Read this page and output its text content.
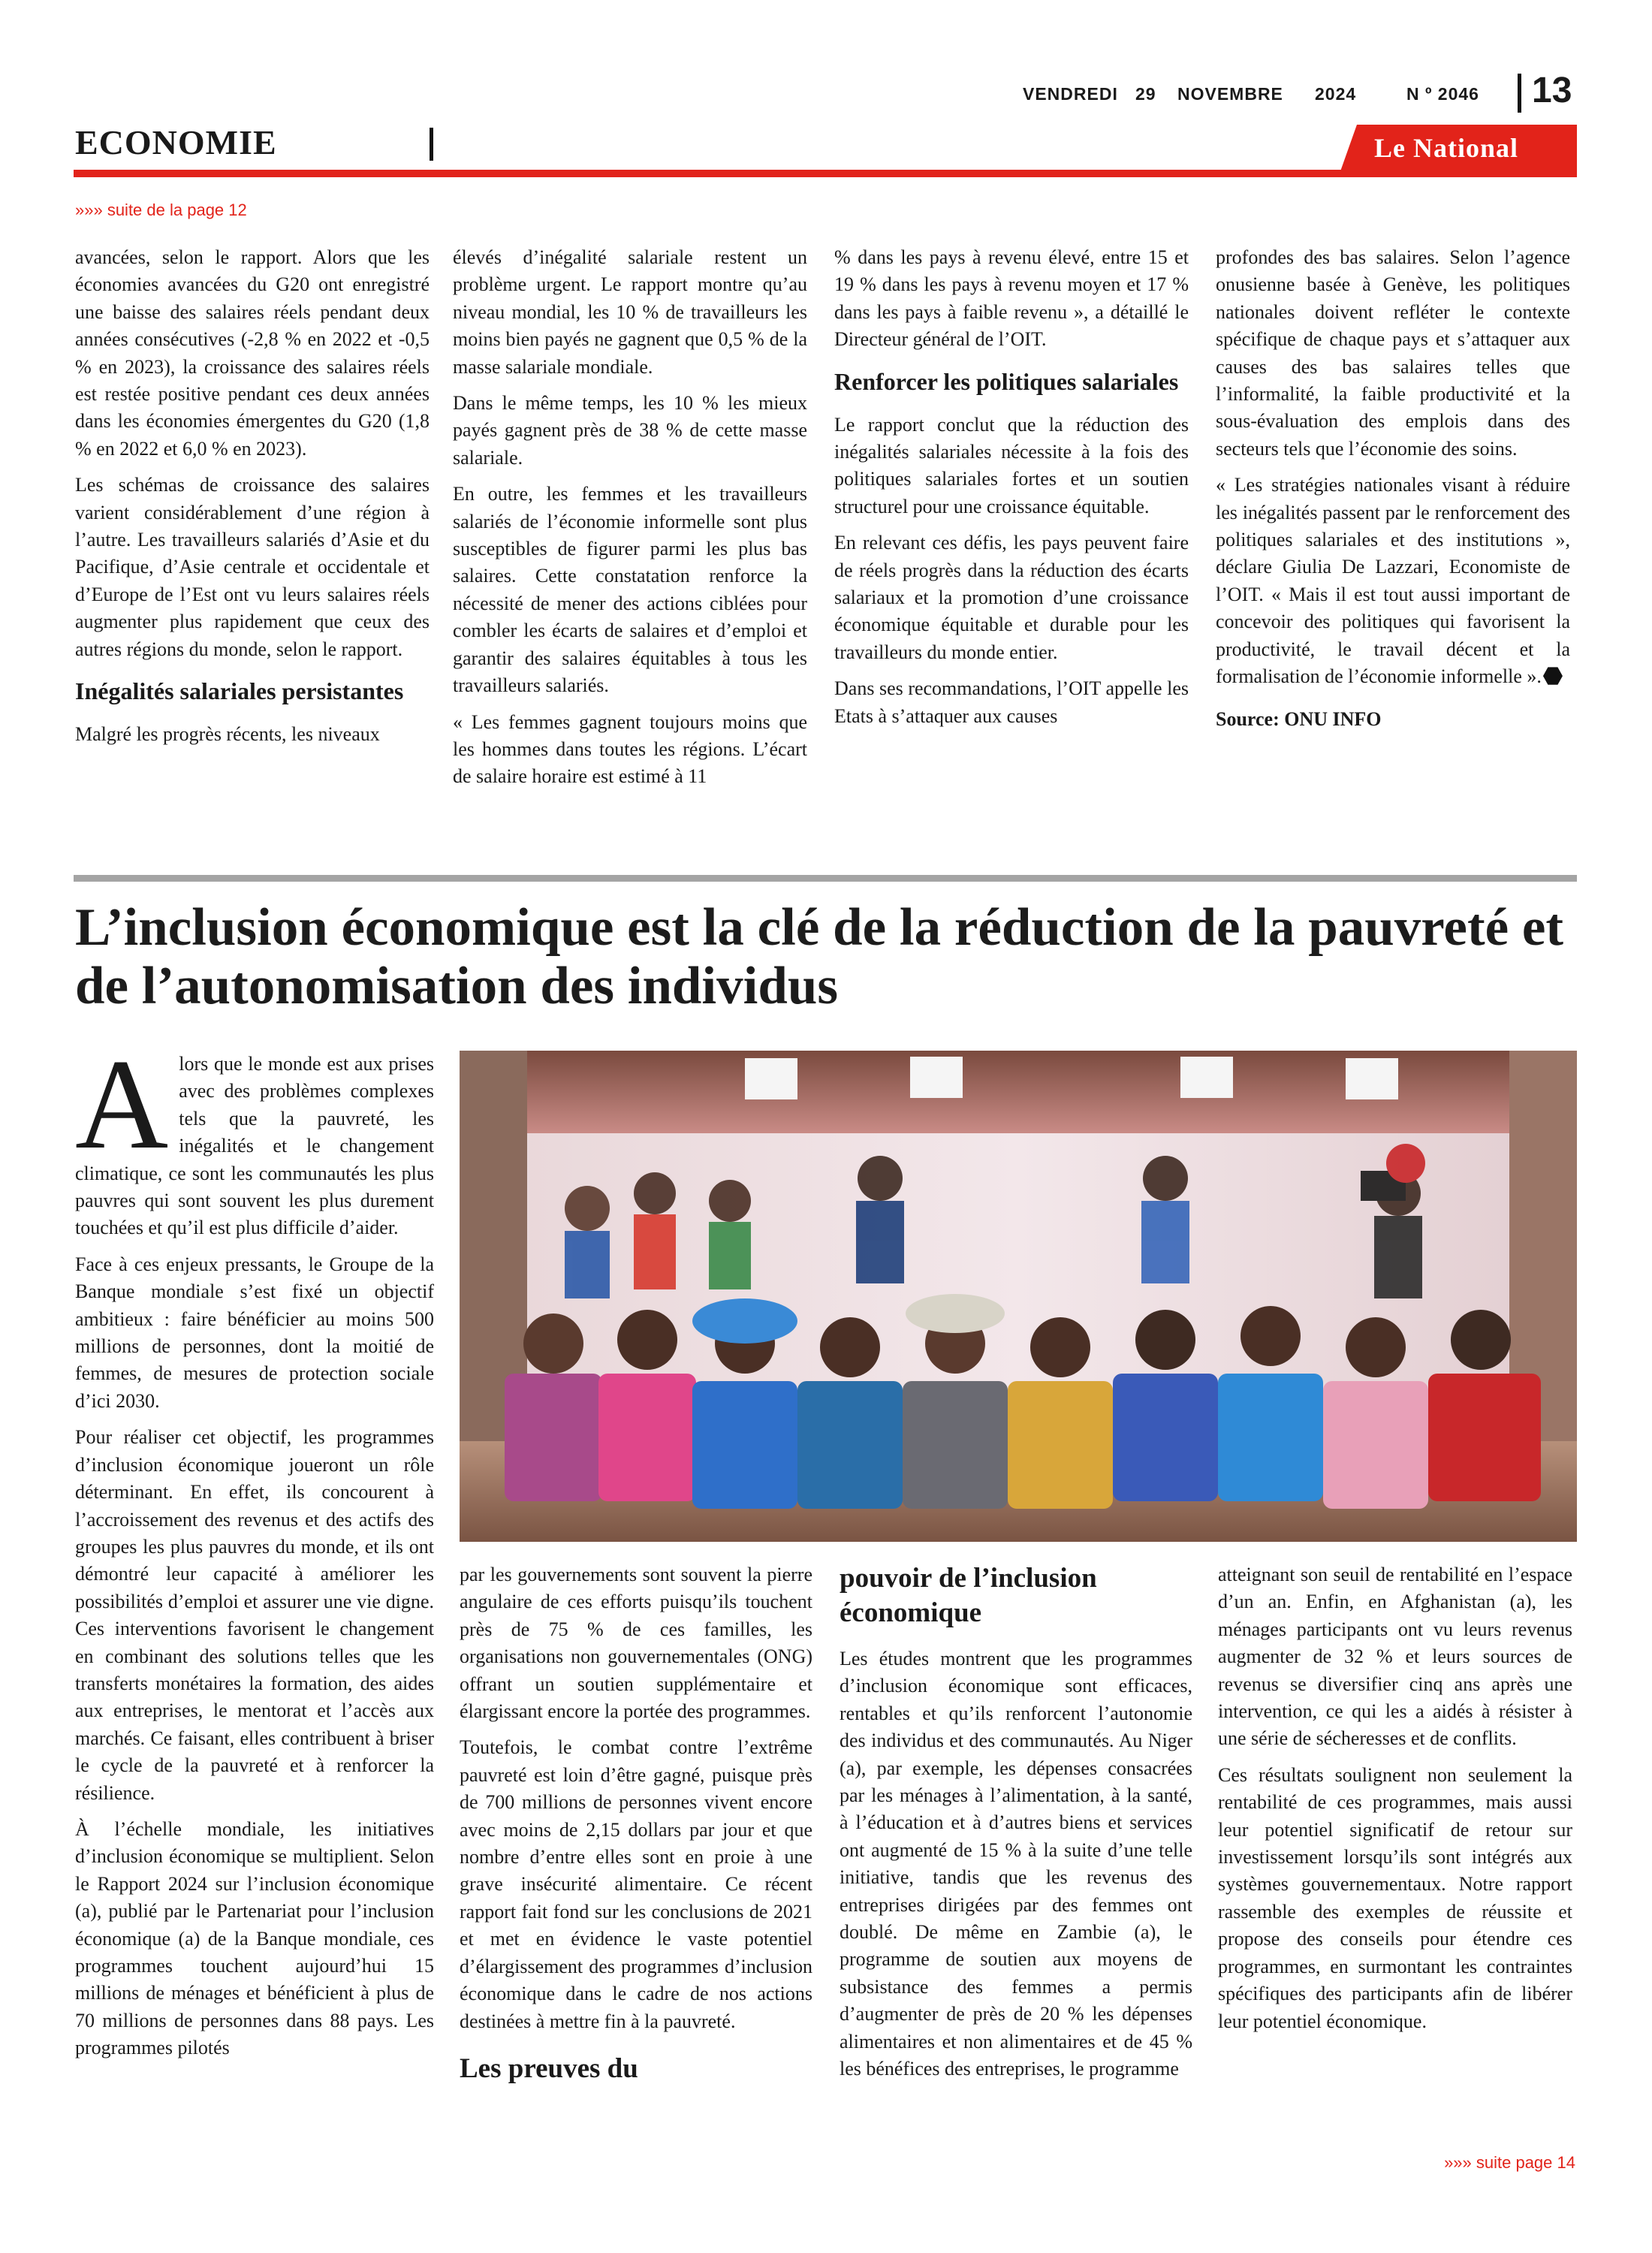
VENDREDI 29 NOVEMBRE 2024	N º 2046 13
ECONOMIE	Le National
»»» suite de la page 12

avancées, selon le rapport. Alors que les économies avancées du G20 ont enregistré une baisse des salaires réels pendant deux années consécutives (-2,8 % en 2022 et -0,5 % en 2023), la croissance des salaires réels est restée positive pendant ces deux années dans les économies émergentes du G20 (1,8 % en 2022 et 6,0 % en 2023).

Les schémas de croissance des salaires varient considérablement d’une région à l’autre. Les travailleurs salariés d’Asie et du Pacifique, d’Asie centrale et occidentale et d’Europe de l’Est ont vu leurs salaires réels augmenter plus rapidement que ceux des autres régions du monde, selon le rapport.

Inégalités salariales persistantes

Malgré les progrès récents, les niveaux

élevés d’inégalité salariale restent un problème urgent. Le rapport montre qu’au niveau mondial, les 10 % de travailleurs les moins bien payés ne gagnent que 0,5 % de la masse salariale mondiale.

Dans le même temps, les 10 % les mieux payés gagnent près de 38 % de cette masse salariale.

En outre, les femmes et les travailleurs salariés de l’économie informelle sont plus susceptibles de figurer parmi les plus bas salaires. Cette constatation renforce la nécessité de mener des actions ciblées pour combler les écarts de salaires et d’emploi et garantir des salaires équitables à tous les travailleurs salariés.

« Les femmes gagnent toujours moins que les hommes dans toutes les régions. L’écart de salaire horaire est estimé à 11

% dans les pays à revenu élevé, entre 15 et 19 % dans les pays à revenu moyen et 17 % dans les pays à faible revenu », a détaillé le Directeur général de l’OIT.

Renforcer les politiques salariales

Le rapport conclut que la réduction des inégalités salariales nécessite à la fois des politiques salariales fortes et un soutien structurel pour une croissance équitable.

En relevant ces défis, les pays peuvent faire de réels progrès dans la réduction des écarts salariaux et la promotion d’une croissance économique équitable et durable pour les travailleurs du monde entier.

Dans ses recommandations, l’OIT appelle les Etats à s’attaquer aux causes

profondes des bas salaires. Selon l’agence onusienne basée à Genève, les politiques nationales doivent refléter le contexte spécifique de chaque pays et s’attaquer aux causes des bas salaires telles que l’informalité, la faible productivité et la sous-évaluation des emplois dans des secteurs tels que l’économie des soins.

« Les stratégies nationales visant à réduire les inégalités passent par le renforcement des politiques salariales et des institutions », déclare Giulia De Lazzari, Economiste de l’OIT. « Mais il est tout aussi important de concevoir des politiques qui favorisent la productivité, le travail décent et la formalisation de l’économie informelle ».

Source: ONU INFO

L’inclusion économique est la clé de la réduction de la pauvreté et de l’autonomisation des individus

Alors que le monde est aux prises avec des problèmes complexes tels que la pauvreté, les inégalités et le changement climatique, ce sont les communautés les plus pauvres qui sont souvent les plus durement touchées et qu’il est plus difficile d’aider.

Face à ces enjeux pressants, le Groupe de la Banque mondiale s’est fixé un objectif ambitieux : faire bénéficier au moins 500 millions de personnes, dont la moitié de femmes, de mesures de protection sociale d’ici 2030.

Pour réaliser cet objectif, les programmes d’inclusion économique joueront un rôle déterminant. En effet, ils concourent à l’accroissement des revenus et des actifs des groupes les plus pauvres du monde, et ils ont démontré leur capacité à améliorer les possibilités d’emploi et assurer une vie digne. Ces interventions favorisent le changement en combinant des solutions telles que les transferts monétaires la formation, des aides aux entreprises, le mentorat et l’accès aux marchés. Ce faisant, elles contribuent à briser le cycle de la pauvreté et à renforcer la résilience.

À l’échelle mondiale, les initiatives d’inclusion économique se multiplient. Selon le Rapport 2024 sur l’inclusion économique (a), publié par le Partenariat pour l’inclusion économique (a) de la Banque mondiale, ces programmes touchent aujourd’hui 15 millions de ménages et bénéficient à plus de 70 millions de personnes dans 88 pays. Les programmes pilotés

par les gouvernements sont souvent la pierre angulaire de ces efforts puisqu’ils touchent près de 75 % de ces familles, les organisations non gouvernementales (ONG) offrant un soutien supplémentaire et élargissant encore la portée des programmes.

Toutefois, le combat contre l’extrême pauvreté est loin d’être gagné, puisque près de 700 millions de personnes vivent encore avec moins de 2,15 dollars par jour et que nombre d’entre elles sont en proie à une grave insécurité alimentaire. Ce récent rapport fait fond sur les conclusions de 2021 et met en évidence le vaste potentiel d’élargissement des programmes d’inclusion économique dans le cadre de nos actions destinées à mettre fin à la pauvreté.

Les preuves du
pouvoir de l’inclusion économique

Les études montrent que les programmes d’inclusion économique sont efficaces, rentables et qu’ils renforcent l’autonomie des individus et des communautés. Au Niger (a), par exemple, les dépenses consacrées par les ménages à l’alimentation, à la santé, à l’éducation et à d’autres biens et services ont augmenté de 15 % à la suite d’une telle initiative, tandis que les revenus des entreprises dirigées par des femmes ont doublé. De même en Zambie (a), le programme de soutien aux moyens de subsistance des femmes a permis d’augmenter de près de 20 % les dépenses alimentaires et non alimentaires et de 45 % les bénéfices des entreprises, le programme

atteignant son seuil de rentabilité en l’espace d’un an. Enfin, en Afghanistan (a), les ménages participants ont vu leurs revenus augmenter de 32 % et leurs sources de revenus se diversifier cinq ans après une intervention, ce qui les a aidés à résister à une série de sécheresses et de conflits.

Ces résultats soulignent non seulement la rentabilité de ces programmes, mais aussi leur potentiel significatif de retour sur investissement lorsqu’ils sont intégrés aux systèmes gouvernementaux. Notre rapport rassemble des exemples de réussite et propose des conseils pour étendre ces programmes, en surmontant les contraintes spécifiques des participants afin de libérer leur potentiel économique.

»»» suite page 14
